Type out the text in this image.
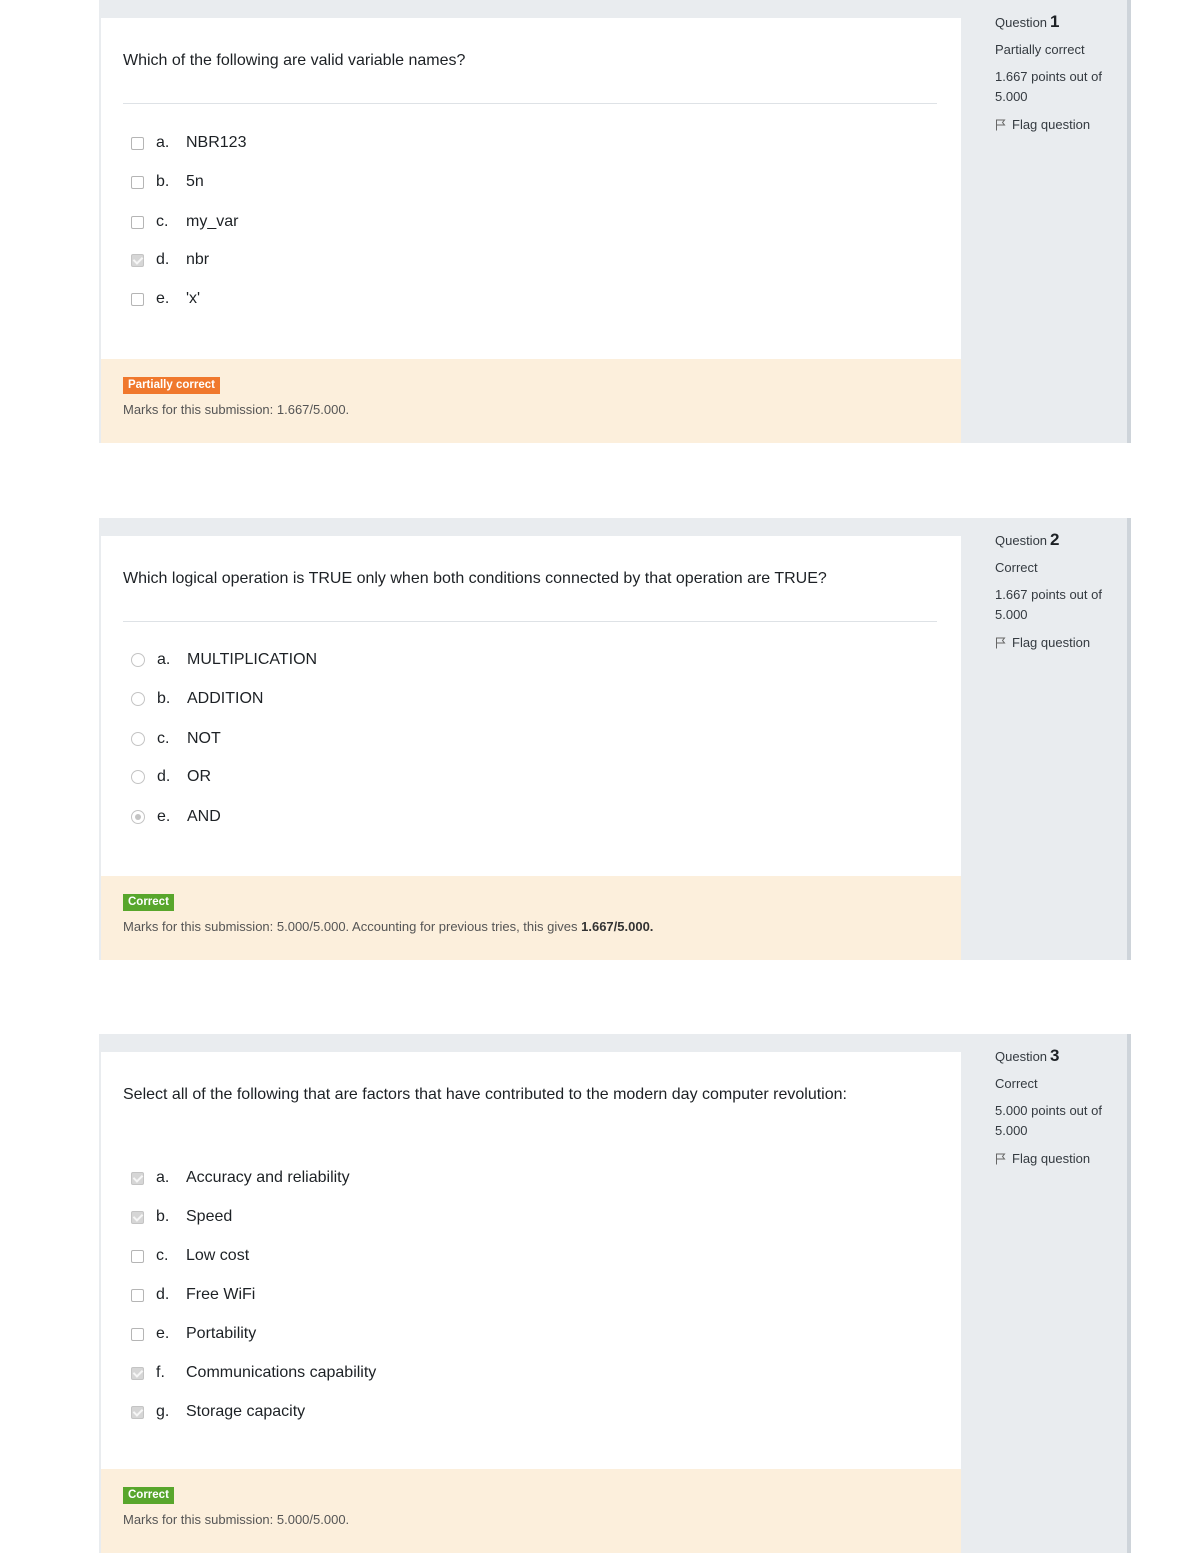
Which of the following are valid variable names?
a.	NBR123
b.	5n
c.	my_var
d.	nbr
e.	'x'
Partially correct
Marks for this submission: 1.667/5.000.
Question 1
Partially correct
1.667 points out of 5.000
Flag question
Which logical operation is TRUE only when both conditions connected by that operation are TRUE?
a.	MULTIPLICATION
b.	ADDITION
c.	NOT
d.	OR
e.	AND
Correct
Marks for this submission: 5.000/5.000. Accounting for previous tries, this gives 1.667/5.000.
Question 2
Correct
1.667 points out of 5.000
Flag question
Select all of the following that are factors that have contributed to the modern day computer revolution:
a.	Accuracy and reliability
b.	Speed
c.	Low cost
d.	Free WiFi
e.	Portability
f.	Communications capability
g.	Storage capacity
Correct
Marks for this submission: 5.000/5.000.
Question 3
Correct
5.000 points out of 5.000
Flag question
